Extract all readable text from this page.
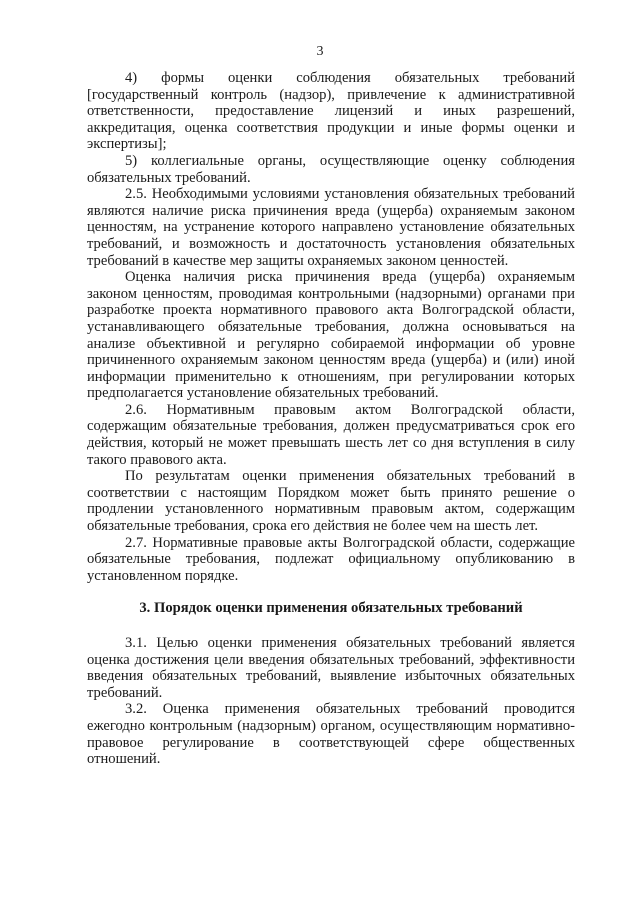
3

4) формы оценки соблюдения обязательных требований [государственный контроль (надзор), привлечение к административной ответственности, предоставление лицензий и иных разрешений, аккредитация, оценка соответствия продукции и иные формы оценки и экспертизы];

5) коллегиальные органы, осуществляющие оценку соблюдения обязательных требований.

2.5. Необходимыми условиями установления обязательных требований являются наличие риска причинения вреда (ущерба) охраняемым законом ценностям, на устранение которого направлено установление обязательных требований, и возможность и достаточность установления обязательных требований в качестве мер защиты охраняемых законом ценностей.

Оценка наличия риска причинения вреда (ущерба) охраняемым законом ценностям, проводимая контрольными (надзорными) органами при разработке проекта нормативного правового акта Волгоградской области, устанавливающего обязательные требования, должна основываться на анализе объективной и регулярно собираемой информации об уровне причиненного охраняемым законом ценностям вреда (ущерба) и (или) иной информации применительно к отношениям, при регулировании которых предполагается установление обязательных требований.

2.6. Нормативным правовым актом Волгоградской области, содержащим обязательные требования, должен предусматриваться срок его действия, который не может превышать шесть лет со дня вступления в силу такого правового акта.

По результатам оценки применения обязательных требований в соответствии с настоящим Порядком может быть принято решение о продлении установленного нормативным правовым актом, содержащим обязательные требования, срока его действия не более чем на шесть лет.

2.7. Нормативные правовые акты Волгоградской области, содержащие обязательные требования, подлежат официальному опубликованию в установленном порядке.

3. Порядок оценки применения обязательных требований

3.1. Целью оценки применения обязательных требований является оценка достижения цели введения обязательных требований, эффективности введения обязательных требований, выявление избыточных обязательных требований.

3.2. Оценка применения обязательных требований проводится ежегодно контрольным (надзорным) органом, осуществляющим нормативно-правовое регулирование в соответствующей сфере общественных отношений.
